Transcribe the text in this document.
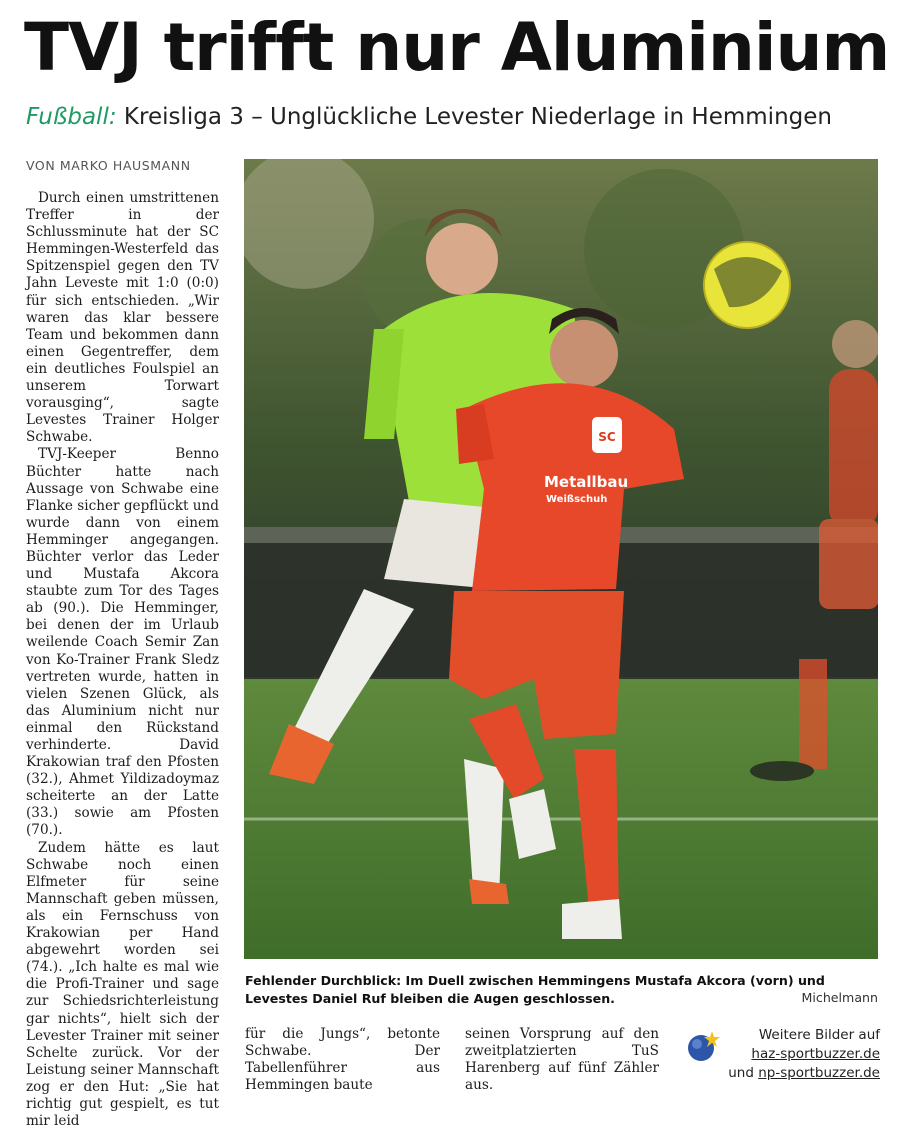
TVJ trifft nur Aluminium
Fußball: Kreisliga 3 – Unglückliche Levester Niederlage in Hemmingen
VON MARKO HAUSMANN

Durch einen umstrittenen Treffer in der Schlussminute hat der SC Hemmingen-Westerfeld das Spitzenspiel gegen den TV Jahn Leveste mit 1:0 (0:0) für sich entschieden. „Wir waren das klar bessere Team und bekommen dann einen Gegentreffer, dem ein deutliches Foulspiel an unserem Torwart vorausging“, sagte Levestes Trainer Holger Schwabe.

TVJ-Keeper Benno Büchter hatte nach Aussage von Schwabe eine Flanke sicher gepflückt und wurde dann von einem Hemminger angegangen. Büchter verlor das Leder und Mustafa Akcora staubte zum Tor des Tages ab (90.). Die Hemminger, bei denen der im Urlaub weilende Coach Semir Zan von Ko-Trainer Frank Sledz vertreten wurde, hatten in vielen Szenen Glück, als das Aluminium nicht nur einmal den Rückstand verhinderte. David Krakowian traf den Pfosten (32.), Ahmet Yildizadoymaz scheiterte an der Latte (33.) sowie am Pfosten (70.).

Zudem hätte es laut Schwabe noch einen Elfmeter für seine Mannschaft geben müssen, als ein Fernschuss von Krakowian per Hand abgewehrt worden sei (74.). „Ich halte es mal wie die Profi-Trainer und sage zur Schiedsrichterleistung gar nichts“, hielt sich der Levester Trainer mit seiner Schelte zurück. Vor der Leistung seiner Mannschaft zog er den Hut: „Sie hat richtig gut gespielt, es tut mir leid

SC
Metallbau
Weißschuh
Fehlender Durchblick: Im Duell zwischen Hemmingens Mustafa Akcora (vorn) und Levestes Daniel Ruf bleiben die Augen geschlossen.	Michelmann

für die Jungs“, betonte Schwabe. Der Tabellenführer aus Hemmingen baute

seinen Vorsprung auf den zweitplatzierten TuS Harenberg auf fünf Zähler aus.

Weitere Bilder auf
haz-sportbuzzer.de
und np-sportbuzzer.de
